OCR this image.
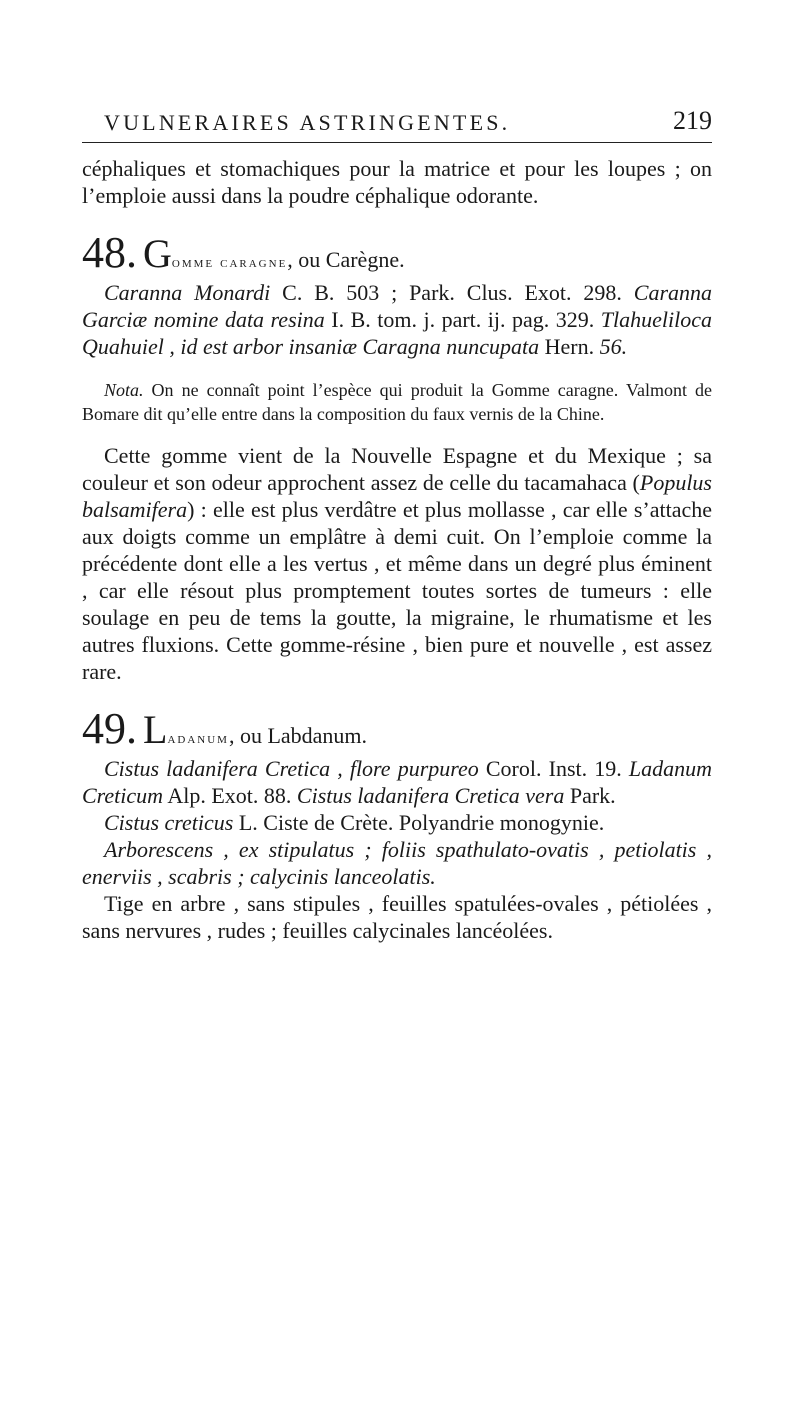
VULNERAIRES ASTRINGENTES.	219

céphaliques et stomachiques pour la matrice et pour les loupes ; on l’emploie aussi dans la poudre céphalique odorante.

48. G omme caragne , ou Carègne.

Caranna Monardi C. B. 503 ; Park. Clus. Exot. 298. Caranna Garciæ nomine data resina I. B. tom. j. part. ij. pag. 329. Tlahueliloca Quahuiel , id est arbor insaniæ Caragna nuncupata Hern. 56.

Nota. On ne connaît point l’espèce qui produit la Gomme caragne. Valmont de Bomare dit qu’elle entre dans la composition du faux vernis de la Chine.

Cette gomme vient de la Nouvelle Espagne et du Mexique ; sa couleur et son odeur approchent assez de celle du tacamahaca (Populus balsamifera) : elle est plus verdâtre et plus mollasse , car elle s’attache aux doigts comme un emplâtre à demi cuit. On l’emploie comme la précédente dont elle a les vertus , et même dans un degré plus éminent , car elle résout plus promptement toutes sortes de tumeurs : elle soulage en peu de tems la goutte, la migraine, le rhumatisme et les autres fluxions. Cette gomme-résine , bien pure et nouvelle , est assez rare.

49. L adanum , ou Labdanum.

Cistus ladanifera Cretica , flore purpureo Corol. Inst. 19. Ladanum Creticum Alp. Exot. 88. Cistus ladanifera Cretica vera Park.

Cistus creticus L. Ciste de Crète. Polyandrie monogynie.

Arborescens , ex stipulatus ; foliis spathulato-ovatis , petiolatis , enerviis , scabris ; calycinis lanceolatis.

Tige en arbre , sans stipules , feuilles spatulées-ovales , pétiolées , sans nervures , rudes ; feuilles calycinales lancéolées.
